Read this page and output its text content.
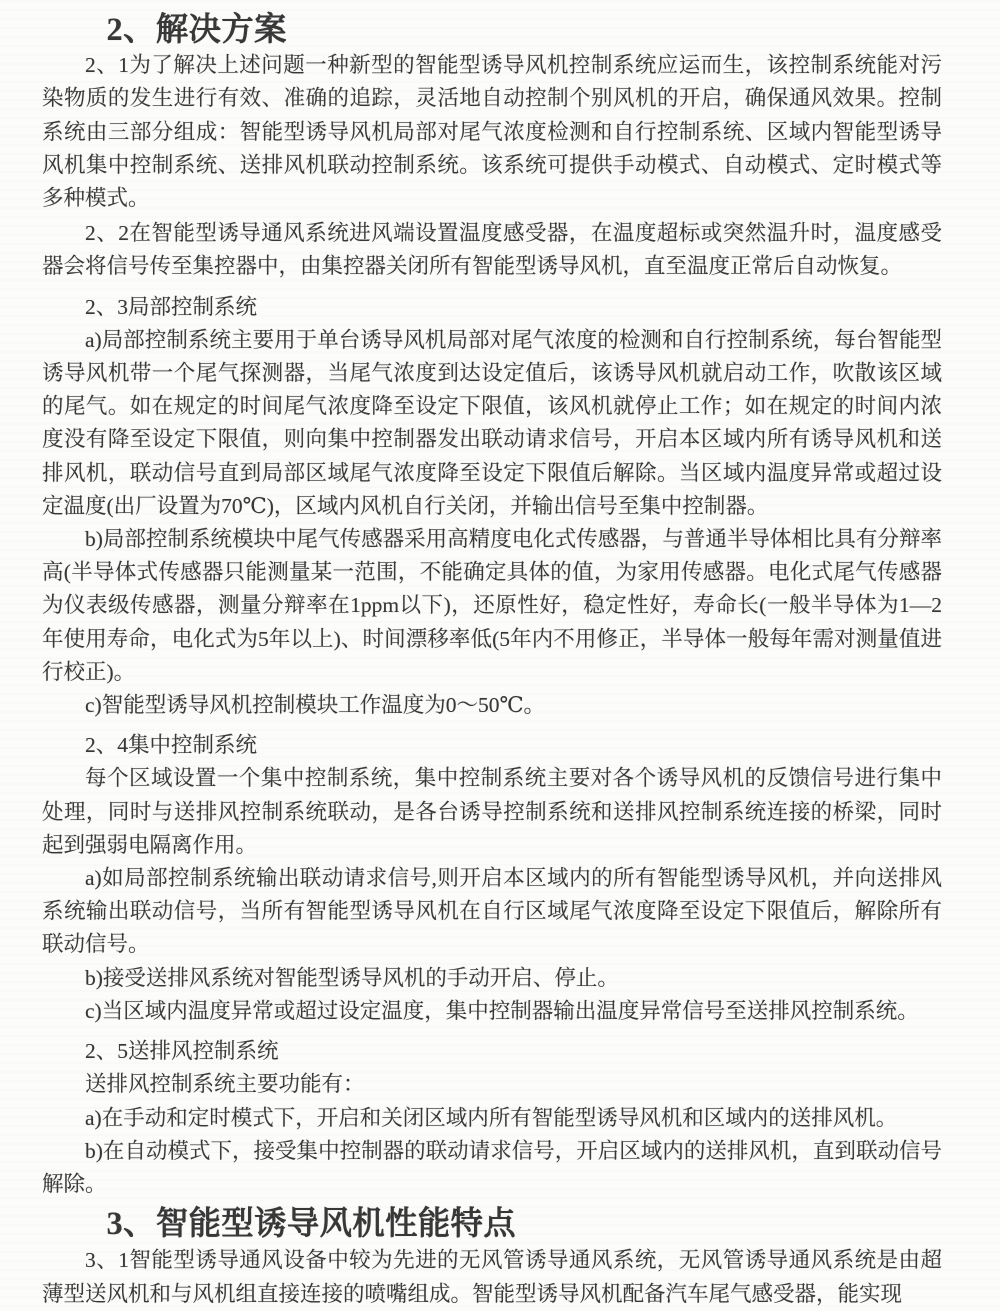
2、解决方案

2、1为了解决上述问题一种新型的智能型诱导风机控制系统应运而生，该控制系统能对污染物质的发生进行有效、准确的追踪，灵活地自动控制个别风机的开启，确保通风效果。控制系统由三部分组成：智能型诱导风机局部对尾气浓度检测和自行控制系统、区域内智能型诱导风机集中控制系统、送排风机联动控制系统。该系统可提供手动模式、自动模式、定时模式等多种模式。

2、2在智能型诱导通风系统进风端设置温度感受器，在温度超标或突然温升时，温度感受器会将信号传至集控器中，由集控器关闭所有智能型诱导风机，直至温度正常后自动恢复。

2、3局部控制系统

a)局部控制系统主要用于单台诱导风机局部对尾气浓度的检测和自行控制系统，每台智能型诱导风机带一个尾气探测器，当尾气浓度到达设定值后，该诱导风机就启动工作，吹散该区域的尾气。如在规定的时间尾气浓度降至设定下限值，该风机就停止工作；如在规定的时间内浓度没有降至设定下限值，则向集中控制器发出联动请求信号，开启本区域内所有诱导风机和送排风机，联动信号直到局部区域尾气浓度降至设定下限值后解除。当区域内温度异常或超过设定温度(出厂设置为70℃)，区域内风机自行关闭，并输出信号至集中控制器。

b)局部控制系统模块中尾气传感器采用高精度电化式传感器，与普通半导体相比具有分辩率高(半导体式传感器只能测量某一范围，不能确定具体的值，为家用传感器。电化式尾气传感器为仪表级传感器，测量分辩率在1ppm以下)，还原性好，稳定性好，寿命长(一般半导体为1—2年使用寿命，电化式为5年以上)、时间漂移率低(5年内不用修正，半导体一般每年需对测量值进行校正)。

c)智能型诱导风机控制模块工作温度为0～50℃。

2、4集中控制系统

每个区域设置一个集中控制系统，集中控制系统主要对各个诱导风机的反馈信号进行集中处理，同时与送排风控制系统联动，是各台诱导控制系统和送排风控制系统连接的桥梁，同时起到强弱电隔离作用。

a)如局部控制系统输出联动请求信号,则开启本区域内的所有智能型诱导风机，并向送排风系统输出联动信号，当所有智能型诱导风机在自行区域尾气浓度降至设定下限值后，解除所有联动信号。

b)接受送排风系统对智能型诱导风机的手动开启、停止。

c)当区域内温度异常或超过设定温度，集中控制器输出温度异常信号至送排风控制系统。

2、5送排风控制系统

送排风控制系统主要功能有：

a)在手动和定时模式下，开启和关闭区域内所有智能型诱导风机和区域内的送排风机。

b)在自动模式下，接受集中控制器的联动请求信号，开启区域内的送排风机，直到联动信号解除。

3、智能型诱导风机性能特点

3、1智能型诱导通风设备中较为先进的无风管诱导通风系统，无风管诱导通风系统是由超薄型送风机和与风机组直接连接的喷嘴组成。智能型诱导风机配备汽车尾气感受器，能实现
